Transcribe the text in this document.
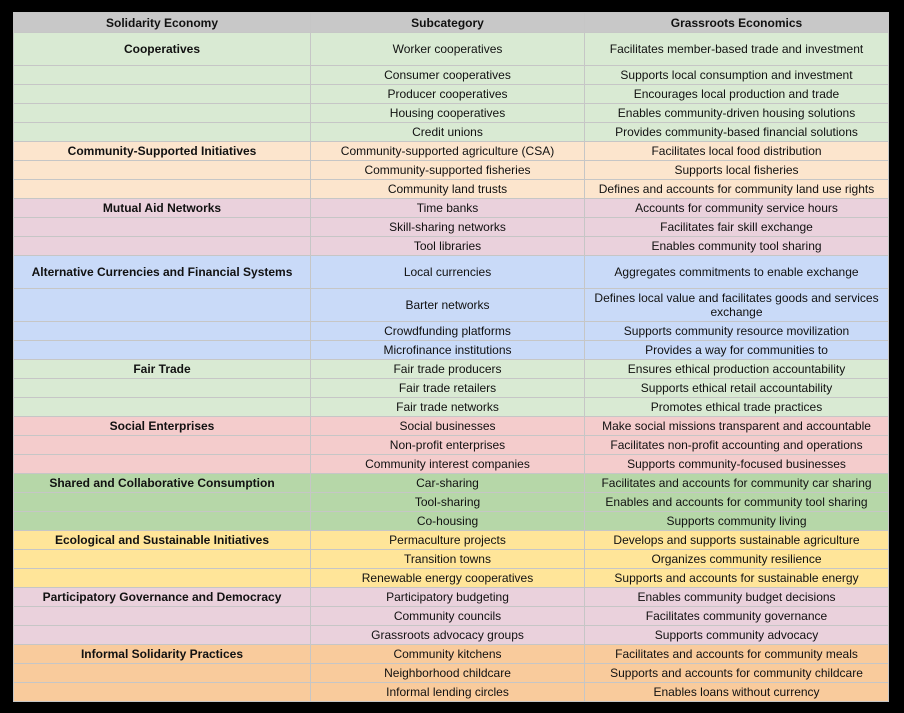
Solidarity Economy	Subcategory	Grassroots Economics
Cooperatives	Worker cooperatives	Facilitates member-based trade and investment
	Consumer cooperatives	Supports local consumption and investment
	Producer cooperatives	Encourages local production and trade
	Housing cooperatives	Enables community-driven housing solutions
	Credit unions	Provides community-based financial solutions
Community-Supported Initiatives	Community-supported agriculture (CSA)	Facilitates local food distribution
	Community-supported fisheries	Supports local fisheries
	Community land trusts	Defines and accounts for community land use rights
Mutual Aid Networks	Time banks	Accounts for community service hours
	Skill-sharing networks	Facilitates fair skill exchange
	Tool libraries	Enables community tool sharing
Alternative Currencies and Financial Systems	Local currencies	Aggregates commitments to enable exchange
	Barter networks	Defines local value and facilitates goods and services exchange
	Crowdfunding platforms	Supports community resource movilization
	Microfinance institutions	Provides a way for communities to
Fair Trade	Fair trade producers	Ensures ethical production accountability
	Fair trade retailers	Supports ethical retail accountability
	Fair trade networks	Promotes ethical trade practices
Social Enterprises	Social businesses	Make social missions transparent and accountable
	Non-profit enterprises	Facilitates non-profit accounting and operations
	Community interest companies	Supports community-focused businesses
Shared and Collaborative Consumption	Car-sharing	Facilitates and accounts for community car sharing
	Tool-sharing	Enables and accounts for community tool sharing
	Co-housing	Supports community living
Ecological and Sustainable Initiatives	Permaculture projects	Develops and supports sustainable agriculture
	Transition towns	Organizes community resilience
	Renewable energy cooperatives	Supports and accounts for sustainable energy
Participatory Governance and Democracy	Participatory budgeting	Enables community budget decisions
	Community councils	Facilitates community governance
	Grassroots advocacy groups	Supports community advocacy
Informal Solidarity Practices	Community kitchens	Facilitates and accounts for community meals
	Neighborhood childcare	Supports and accounts for community childcare
	Informal lending circles	Enables loans without currency
